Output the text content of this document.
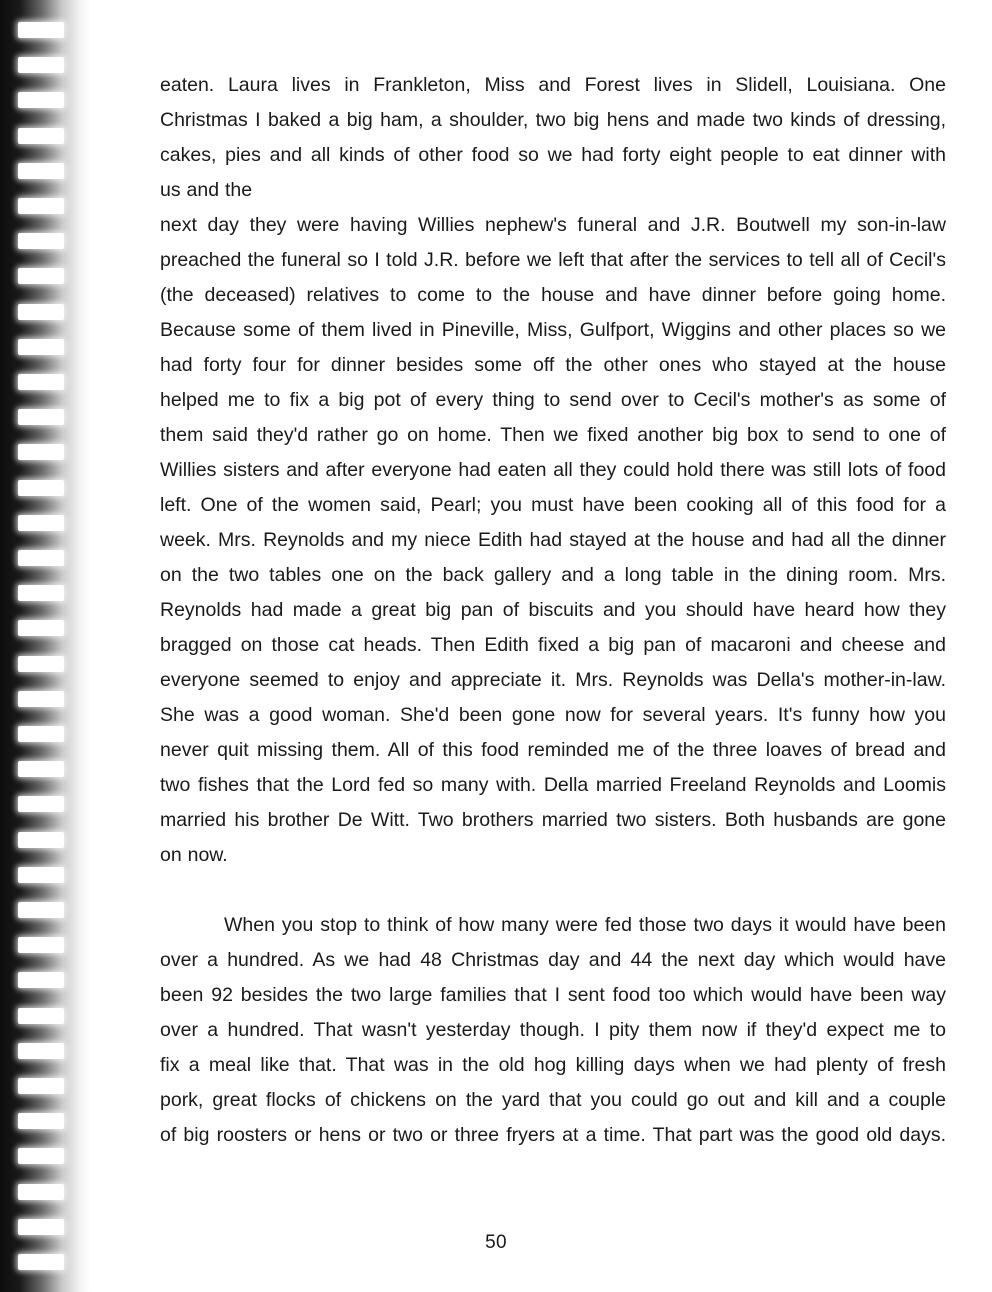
eaten. Laura lives in Frankleton, Miss and Forest lives in Slidell, Louisiana. One
Christmas I baked a big ham, a shoulder, two big hens and made two kinds of dressing,
cakes, pies and all kinds of other food so we had forty eight people to eat dinner with
us and the
next day they were having Willies nephew's funeral and J.R. Boutwell my son-in-law
preached the funeral so I told J.R. before we left that after the services to tell all of Cecil's
(the deceased) relatives to come to the house and have dinner before going home.
Because some of them lived in Pineville, Miss, Gulfport, Wiggins and other places so we
had forty four for dinner besides some off the other ones who stayed at the house
helped me to fix a big pot of every thing to send over to Cecil's mother's as some of
them said they'd rather go on home. Then we fixed another big box to send to one of
Willies sisters and after everyone had eaten all they could hold there was still lots of food
left. One of the women said, Pearl; you must have been cooking all of this food for a
week. Mrs. Reynolds and my niece Edith had stayed at the house and had all the dinner
on the two tables one on the back gallery and a long table in the dining room. Mrs.
Reynolds had made a great big pan of biscuits and you should have heard how they
bragged on those cat heads. Then Edith fixed a big pan of macaroni and cheese and
everyone seemed to enjoy and appreciate it. Mrs. Reynolds was Della's mother-in-law.
She was a good woman. She'd been gone now for several years. It's funny how you
never quit missing them. All of this food reminded me of the three loaves of bread and
two fishes that the Lord fed so many with. Della married Freeland Reynolds and Loomis
married his brother De Witt. Two brothers married two sisters. Both husbands are gone
on now.
When you stop to think of how many were fed those two days it would have been
over a hundred. As we had 48 Christmas day and 44 the next day which would have
been 92 besides the two large families that I sent food too which would have been way
over a hundred. That wasn't yesterday though. I pity them now if they'd expect me to
fix a meal like that. That was in the old hog killing days when we had plenty of fresh
pork, great flocks of chickens on the yard that you could go out and kill and a couple
of big roosters or hens or two or three fryers at a time. That part was the good old days.
50
